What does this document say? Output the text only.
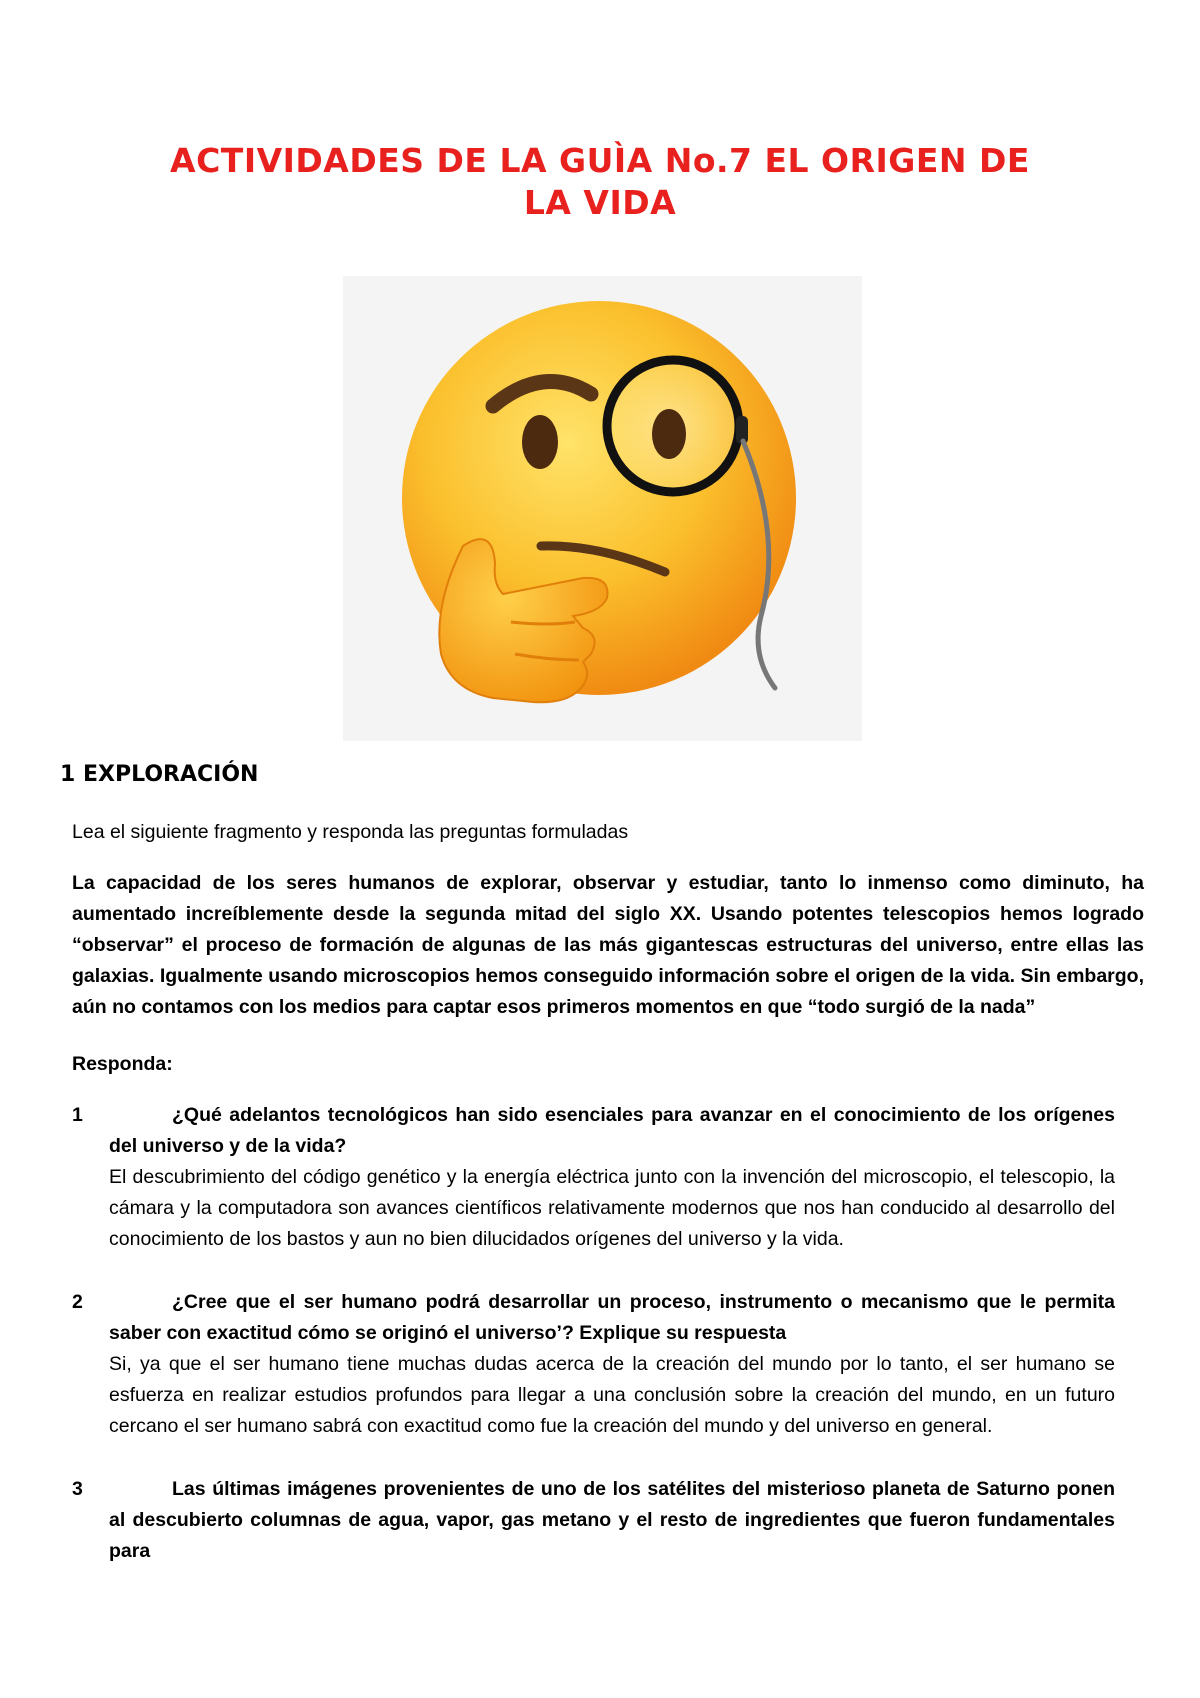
ACTIVIDADES DE LA GUÌA No.7 EL ORIGEN DE
LA VIDA
1 EXPLORACIÓN
Lea el siguiente fragmento y responda las preguntas formuladas
La capacidad de los seres humanos de explorar, observar y estudiar, tanto lo inmenso como diminuto, ha aumentado increíblemente desde la segunda mitad del siglo XX. Usando potentes telescopios hemos logrado “observar” el proceso de formación de algunas de las más gigantescas estructuras del universo, entre ellas las galaxias. Igualmente usando microscopios hemos conseguido información sobre el origen de la vida. Sin embargo, aún no contamos con los medios para captar esos primeros momentos en que “todo surgió de la nada”
Responda:
1	¿Qué adelantos tecnológicos han sido esenciales para avanzar en el conocimiento de los orígenes del universo y de la vida?
El descubrimiento del código genético y la energía eléctrica junto con la invención del microscopio, el telescopio, la cámara y la computadora son avances científicos relativamente modernos que nos han conducido al desarrollo del conocimiento de los bastos y aun no bien dilucidados orígenes del universo y la vida.
2	¿Cree que el ser humano podrá desarrollar un proceso, instrumento o mecanismo que le permita saber con exactitud cómo se originó el universo’? Explique su respuesta
Si, ya que el ser humano tiene muchas dudas acerca de la creación del mundo por lo tanto, el ser humano se esfuerza en realizar estudios profundos para llegar a una conclusión sobre la creación del mundo, en un futuro cercano el ser humano sabrá con exactitud como fue la creación del mundo y del universo en general.
3	Las últimas imágenes provenientes de uno de los satélites del misterioso planeta de Saturno ponen al descubierto columnas de agua, vapor, gas metano y el resto de ingredientes que fueron fundamentales para
